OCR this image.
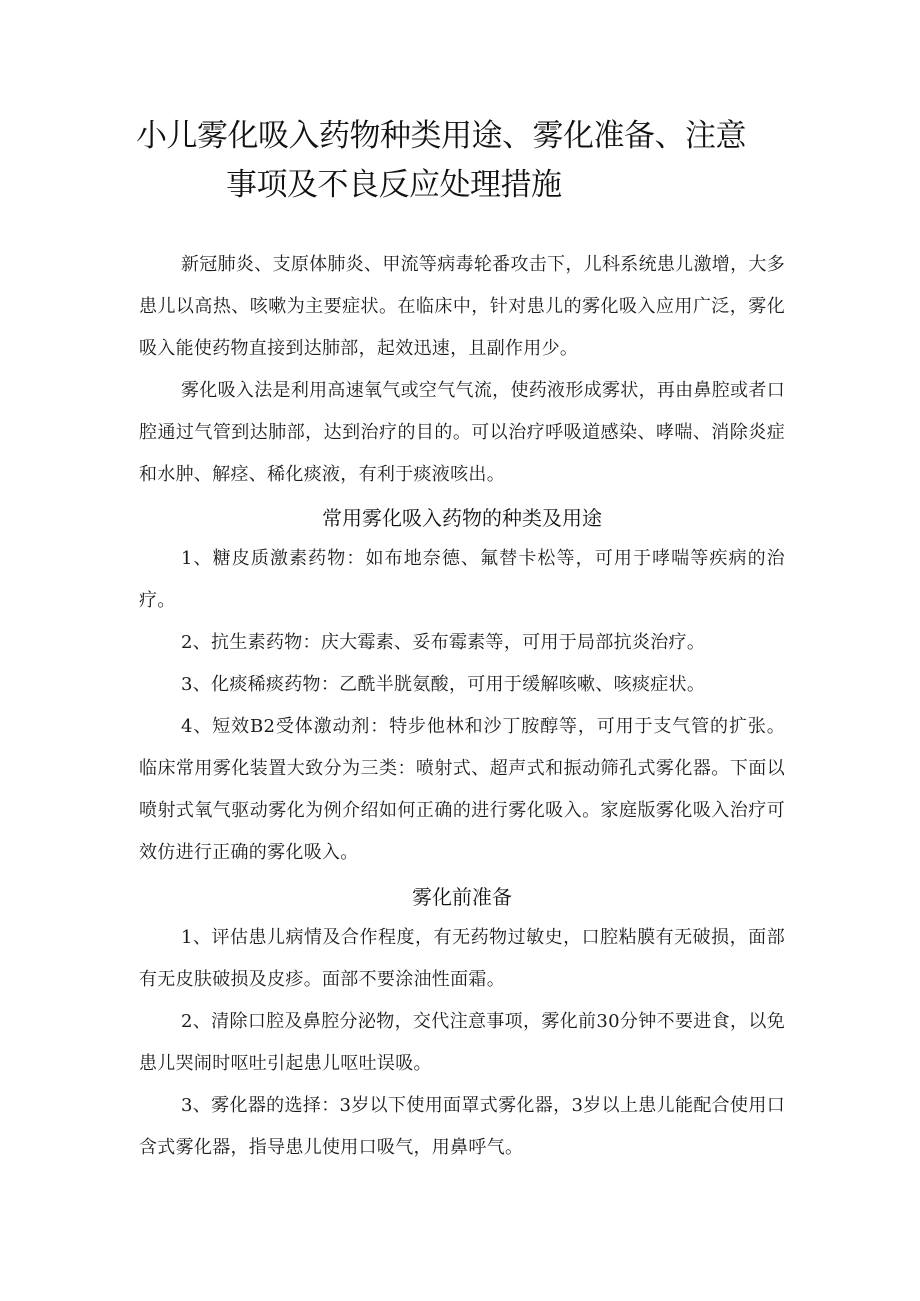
小儿雾化吸入药物种类用途、雾化准备、注意
事项及不良反应处理措施

新冠肺炎、支原体肺炎、甲流等病毒轮番攻击下，儿科系统患儿激增，大多患儿以高热、咳嗽为主要症状。在临床中，针对患儿的雾化吸入应用广泛，雾化吸入能使药物直接到达肺部，起效迅速，且副作用少。

雾化吸入法是利用高速氧气或空气气流，使药液形成雾状，再由鼻腔或者口腔通过气管到达肺部，达到治疗的目的。可以治疗呼吸道感染、哮喘、消除炎症和水肿、解痉、稀化痰液，有利于痰液咳出。

常用雾化吸入药物的种类及用途

1、糖皮质激素药物：如布地奈德、氟替卡松等，可用于哮喘等疾病的治疗。

2、抗生素药物：庆大霉素、妥布霉素等，可用于局部抗炎治疗。

3、化痰稀痰药物：乙酰半胱氨酸，可用于缓解咳嗽、咳痰症状。

4、短效B2受体激动剂：特步他林和沙丁胺醇等，可用于支气管的扩张。临床常用雾化装置大致分为三类：喷射式、超声式和振动筛孔式雾化器。下面以喷射式氧气驱动雾化为例介绍如何正确的进行雾化吸入。家庭版雾化吸入治疗可效仿进行正确的雾化吸入。

雾化前准备

1、评估患儿病情及合作程度，有无药物过敏史，口腔粘膜有无破损，面部有无皮肤破损及皮疹。面部不要涂油性面霜。

2、清除口腔及鼻腔分泌物，交代注意事项，雾化前30分钟不要进食，以免患儿哭闹时呕吐引起患儿呕吐误吸。

3、雾化器的选择：3岁以下使用面罩式雾化器，3岁以上患儿能配合使用口含式雾化器，指导患儿使用口吸气，用鼻呼气。
